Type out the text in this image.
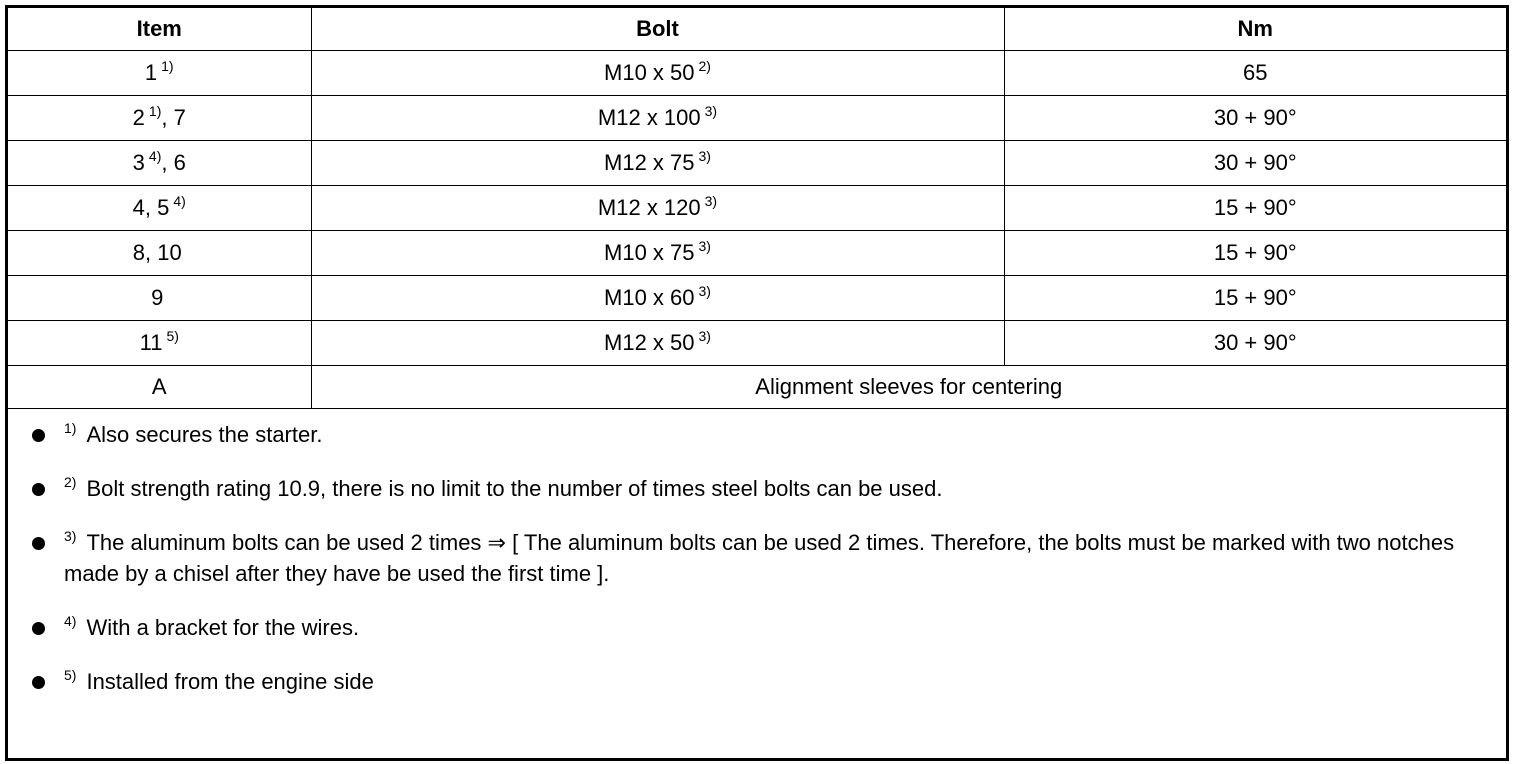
Item	Bolt	Nm
1 $^{1)}$	M10 x 50 $^{2)}$	65
2 $^{1)}$, 7	M12 x 100 $^{3)}$	30 + 90°
3 $^{4)}$, 6	M12 x 75 $^{3)}$	30 + 90°
4, 5 $^{4)}$	M12 x 120 $^{3)}$	15 + 90°
8, 10	M10 x 75 $^{3)}$	15 + 90°
9	M10 x 60 $^{3)}$	15 + 90°
11 $^{5)}$	M12 x 50 $^{3)}$	30 + 90°
A	Alignment sleeves for centering	
$^{1)}$ Also secures the starter.
$^{2)}$ Bolt strength rating 10.9, there is no limit to the number of times steel bolts can be used.
$^{3)}$ The aluminum bolts can be used 2 times ⇒ [ The aluminum bolts can be used 2 times. Therefore, the bolts must be marked with two notches made by a chisel after they have be used the first time ].
$^{4)}$ With a bracket for the wires.
$^{5)}$ Installed from the engine side
